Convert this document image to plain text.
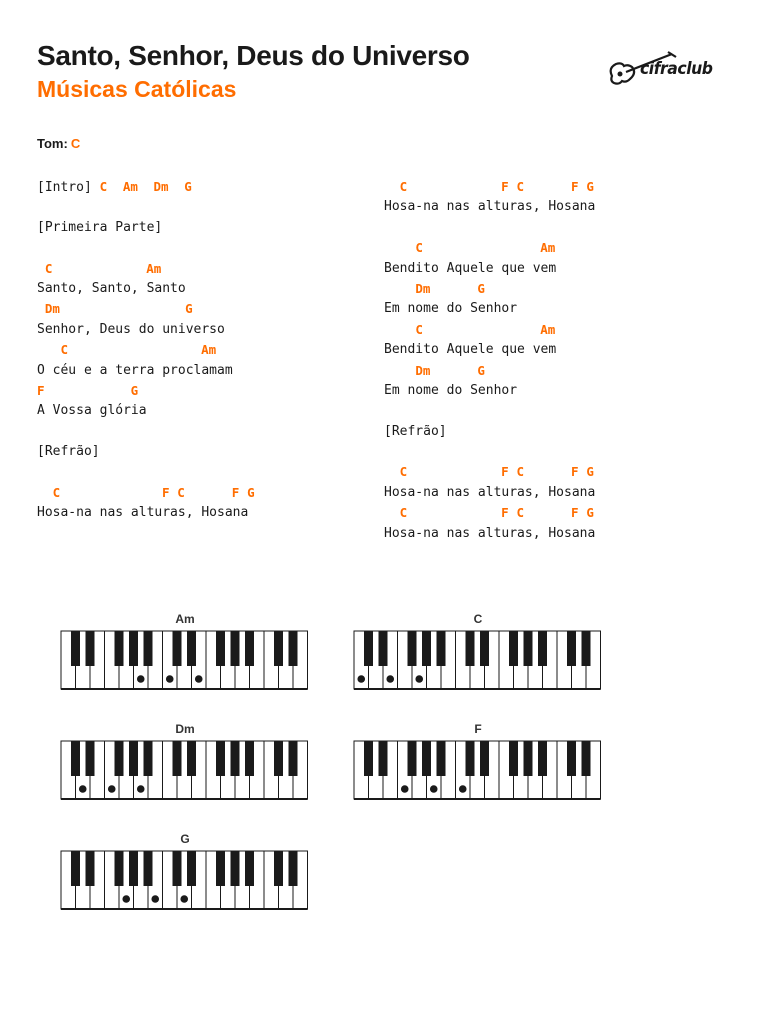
Santo, Senhor, Deus do Universo
Músicas Católicas
cifraclub
Tom: C
[Intro] C Am Dm G
[Primeira Parte]
C	Am
Santo, Santo, Santo
Dm	G
Senhor, Deus do universo
C	Am
O céu e a terra proclamam
F	G
A Vossa glória
[Refrão]
C	F C	F G
Hosa-na nas alturas, Hosana
C	F C	F G
Hosa-na nas alturas, Hosana
C	Am
Bendito Aquele que vem
Dm	G
Em nome do Senhor
C	Am
Bendito Aquele que vem
Dm	G
Em nome do Senhor
[Refrão]
C	F C	F G
Hosa-na nas alturas, Hosana
C	F C	F G
Hosa-na nas alturas, Hosana
Am	C
Dm	F
G
